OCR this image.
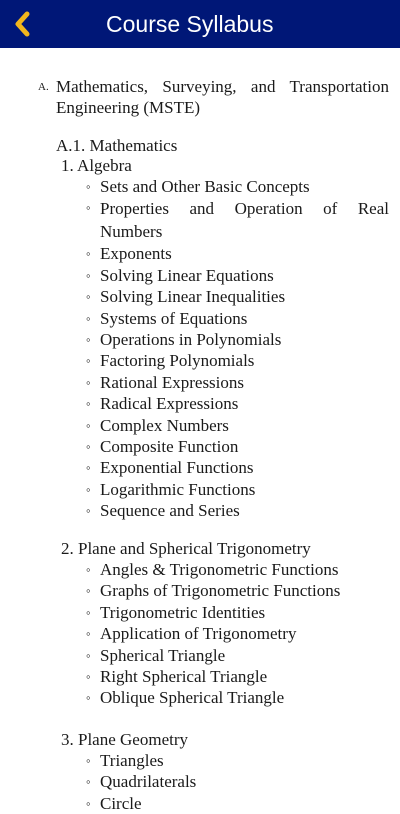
Course Syllabus
A. Mathematics, Surveying, and Transportation Engineering (MSTE)
A.1. Mathematics
1. Algebra
◦ Sets and Other Basic Concepts
◦ Properties and Operation of Real Numbers
◦ Exponents
◦ Solving Linear Equations
◦ Solving Linear Inequalities
◦ Systems of Equations
◦ Operations in Polynomials
◦ Factoring Polynomials
◦ Rational Expressions
◦ Radical Expressions
◦ Complex Numbers
◦ Composite Function
◦ Exponential Functions
◦ Logarithmic Functions
◦ Sequence and Series
2. Plane and Spherical Trigonometry
◦ Angles & Trigonometric Functions
◦ Graphs of Trigonometric Functions
◦ Trigonometric Identities
◦ Application of Trigonometry
◦ Spherical Triangle
◦ Right Spherical Triangle
◦ Oblique Spherical Triangle
3. Plane Geometry
◦ Triangles
◦ Quadrilaterals
◦ Circle
